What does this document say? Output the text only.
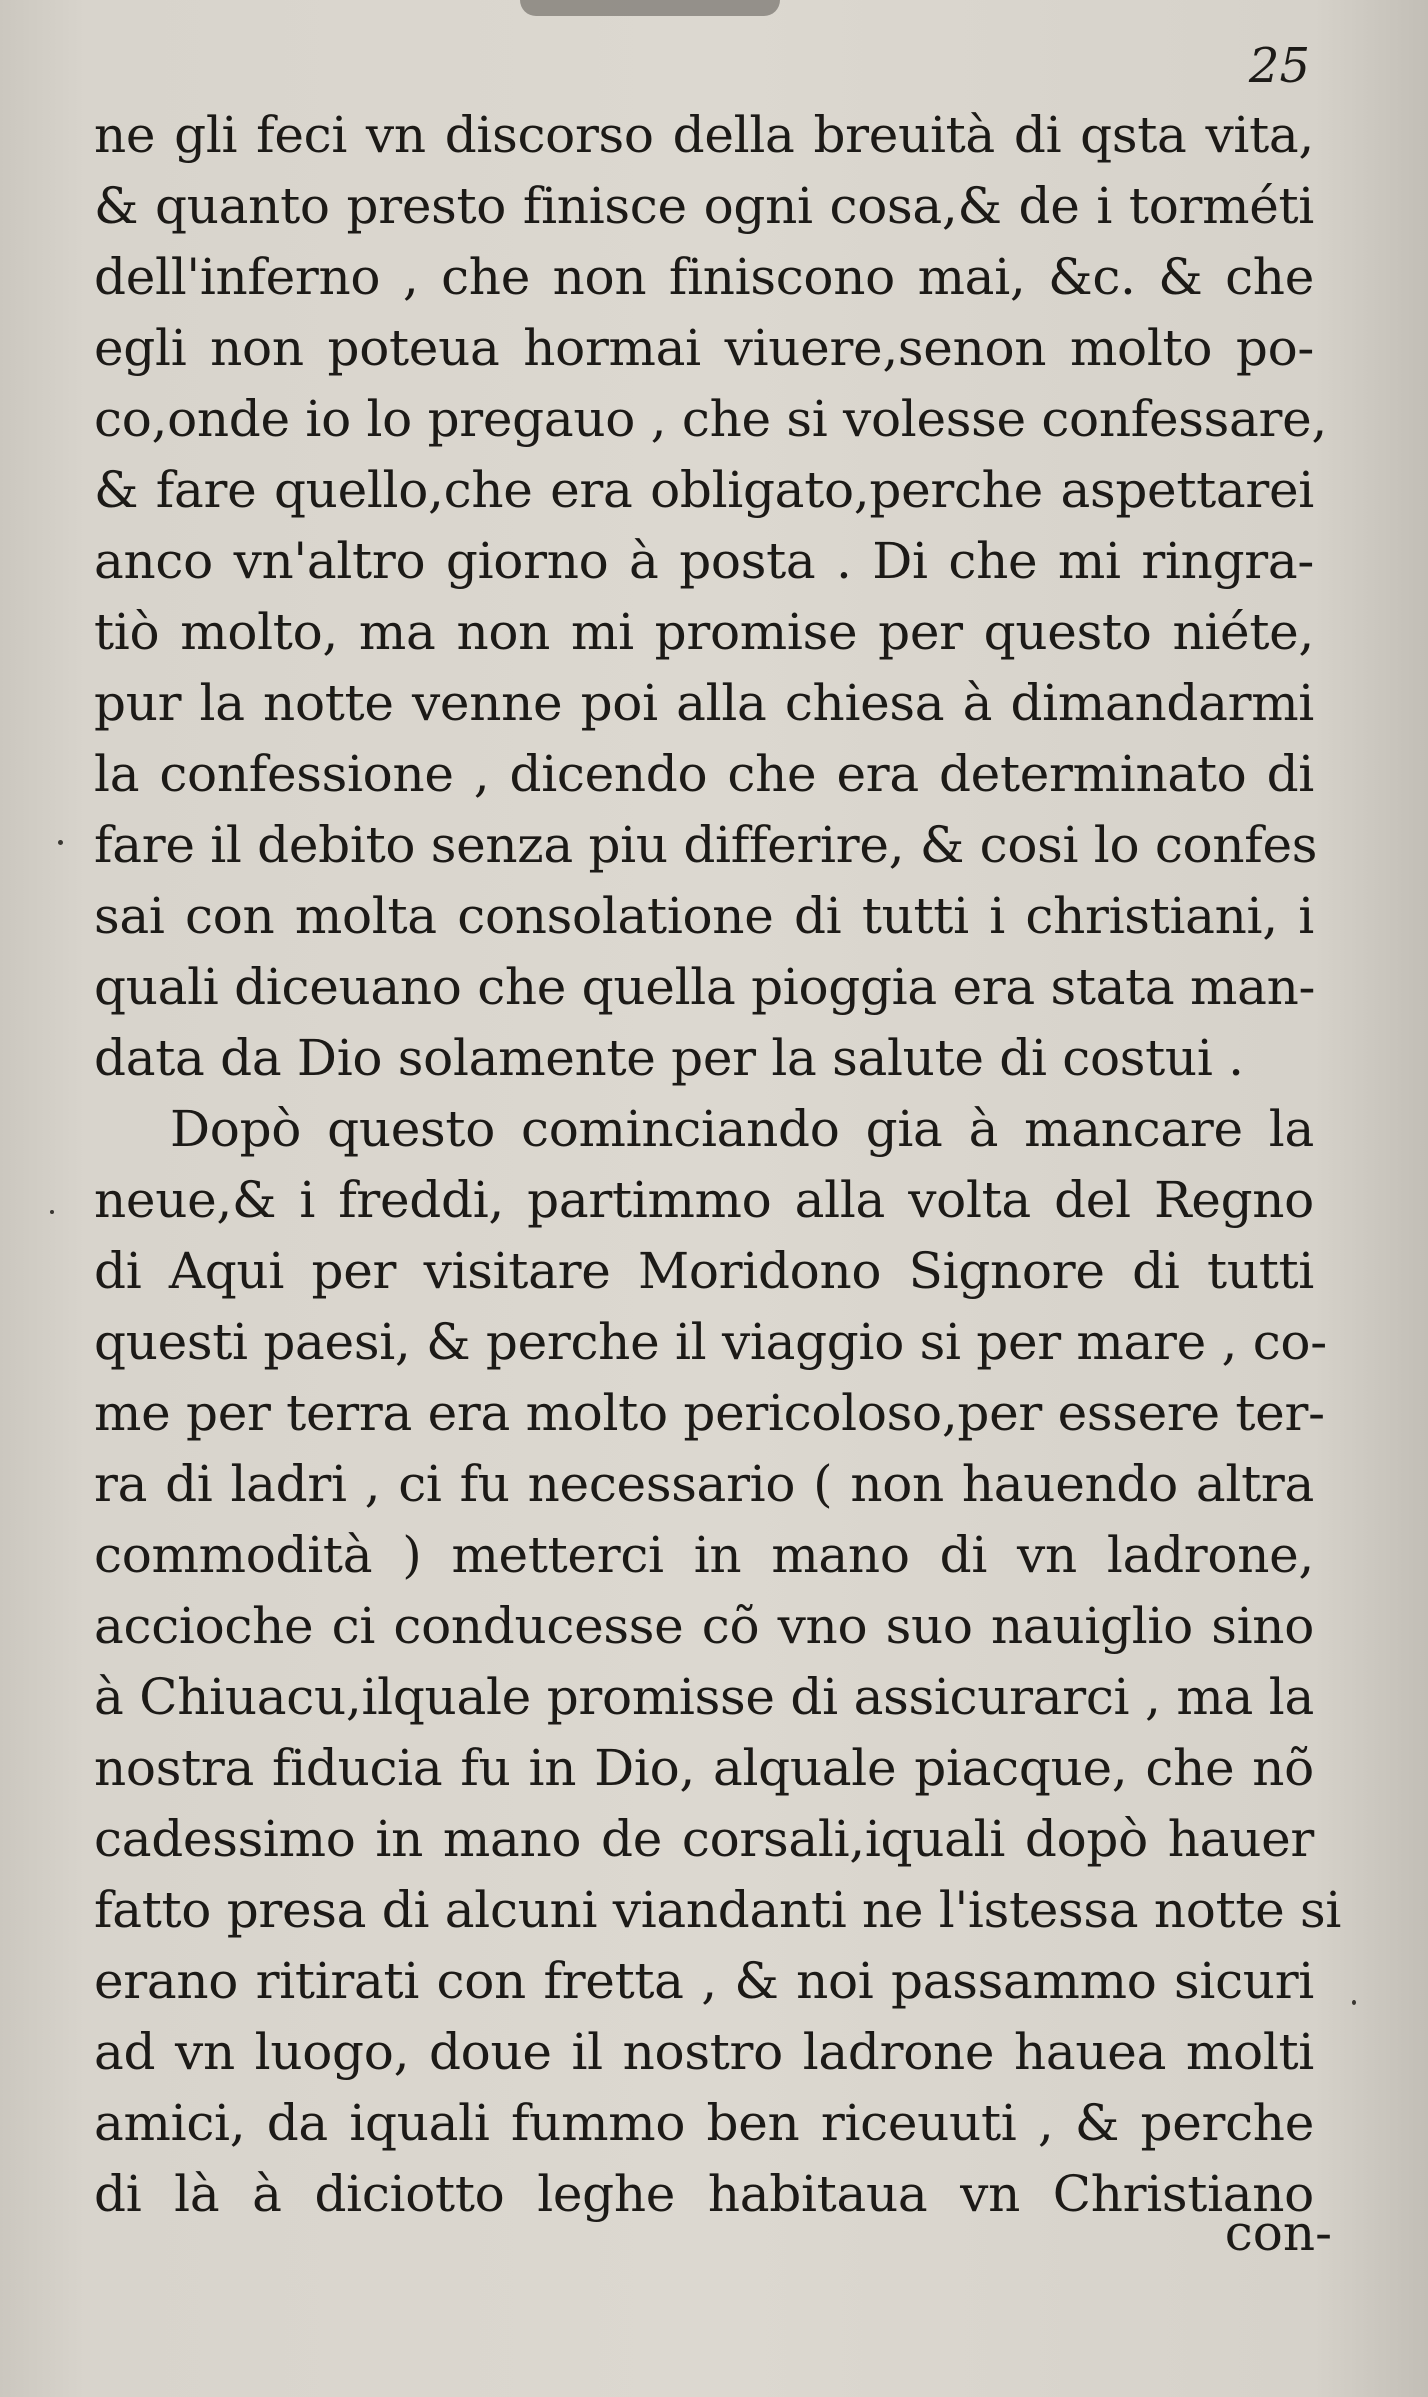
25
ne gli feci vn discorso della breuità di qsta vita,
& quanto presto finisce ogni cosa,& de i torméti
dell'inferno , che non finiscono mai, &c. & che
egli non poteua hormai viuere,senon molto po-
co,onde io lo pregauo , che si volesse confessare,
& fare quello,che era obligato,perche aspettarei
anco vn'altro giorno à posta . Di che mi ringra-
tiò molto, ma non mi promise per questo niéte,
pur la notte venne poi alla chiesa à dimandarmi
la confessione , dicendo che era determinato di
fare il debito senza piu differire, & cosi lo confes
sai con molta consolatione di tutti i christiani, i
quali diceuano che quella pioggia era stata man-
data da Dio solamente per la salute di costui .
Dopò questo cominciando gia à mancare la
neue,& i freddi, partimmo alla volta del Regno
di Aqui per visitare Moridono Signore di tutti
questi paesi, & perche il viaggio si per mare , co-
me per terra era molto pericoloso,per essere ter-
ra di ladri , ci fu necessario ( non hauendo altra
commodità ) metterci in mano di vn ladrone,
accioche ci conducesse cõ vno suo nauiglio sino
à Chiuacu,ilquale promisse di assicurarci , ma la
nostra fiducia fu in Dio, alquale piacque, che nõ
cadessimo in mano de corsali,iquali dopò hauer
fatto presa di alcuni viandanti ne l'istessa notte si
erano ritirati con fretta , & noi passammo sicuri
ad vn luogo, doue il nostro ladrone hauea molti
amici, da iquali fummo ben riceuuti , & perche
di là à diciotto leghe habitaua vn Christiano
con-
